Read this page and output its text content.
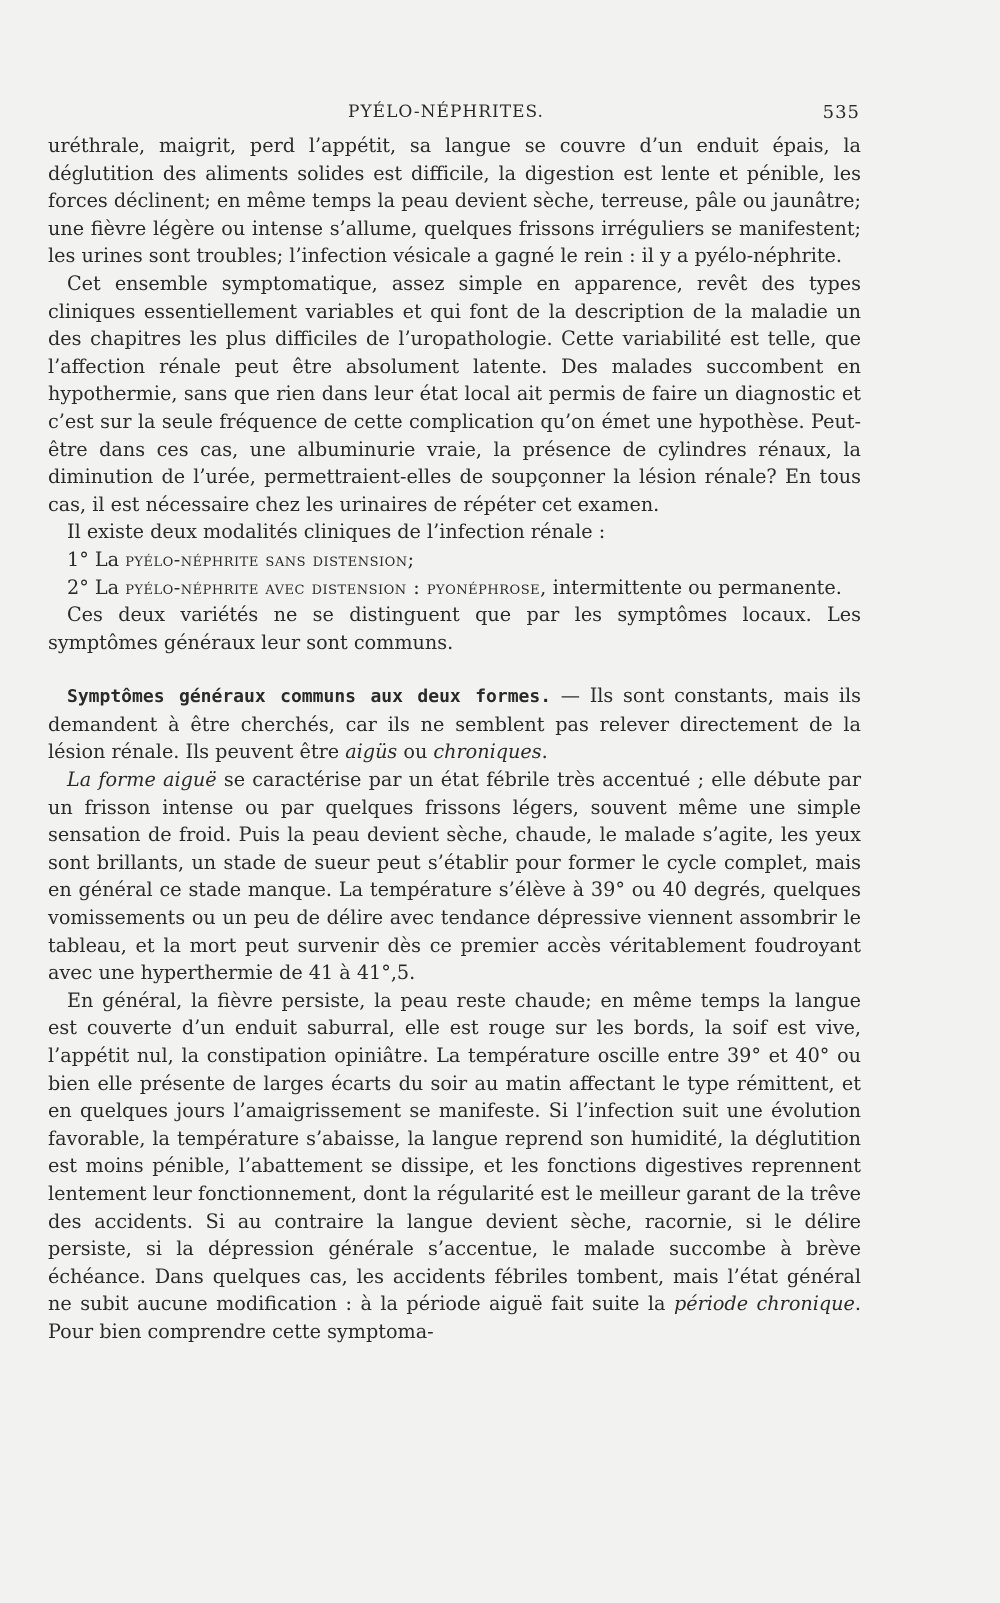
PYÉLO-NÉPHRITES.	535

uréthrale, maigrit, perd l’appétit, sa langue se couvre d’un enduit épais, la déglutition des aliments solides est difficile, la digestion est lente et pénible, les forces déclinent; en même temps la peau devient sèche, terreuse, pâle ou jaunâtre; une fièvre légère ou intense s’allume, quelques frissons irréguliers se manifestent; les urines sont troubles; l’infection vésicale a gagné le rein : il y a pyélo-néphrite.

Cet ensemble symptomatique, assez simple en apparence, revêt des types cliniques essentiellement variables et qui font de la description de la maladie un des chapitres les plus difficiles de l’uropathologie. Cette variabilité est telle, que l’affection rénale peut être absolument latente. Des malades succombent en hypothermie, sans que rien dans leur état local ait permis de faire un diagnostic et c’est sur la seule fréquence de cette complication qu’on émet une hypothèse. Peut-être dans ces cas, une albuminurie vraie, la présence de cylindres rénaux, la diminution de l’urée, permettraient-elles de soupçonner la lésion rénale? En tous cas, il est nécessaire chez les urinaires de répéter cet examen.

Il existe deux modalités cliniques de l’infection rénale :

1° La pyélo-néphrite sans distension;

2° La pyélo-néphrite avec distension : pyonéphrose, intermittente ou permanente.

Ces deux variétés ne se distinguent que par les symptômes locaux. Les symptômes généraux leur sont communs.

Symptômes généraux communs aux deux formes. — Ils sont constants, mais ils demandent à être cherchés, car ils ne semblent pas relever directement de la lésion rénale. Ils peuvent être aigüs ou chroniques.

La forme aiguë se caractérise par un état fébrile très accentué ; elle débute par un frisson intense ou par quelques frissons légers, souvent même une simple sensation de froid. Puis la peau devient sèche, chaude, le malade s’agite, les yeux sont brillants, un stade de sueur peut s’établir pour former le cycle complet, mais en général ce stade manque. La température s’élève à 39° ou 40 degrés, quelques vomissements ou un peu de délire avec tendance dépressive viennent assombrir le tableau, et la mort peut survenir dès ce premier accès véritablement foudroyant avec une hyperthermie de 41 à 41°,5.

En général, la fièvre persiste, la peau reste chaude; en même temps la langue est couverte d’un enduit saburral, elle est rouge sur les bords, la soif est vive, l’appétit nul, la constipation opiniâtre. La température oscille entre 39° et 40° ou bien elle présente de larges écarts du soir au matin affectant le type rémittent, et en quelques jours l’amaigrissement se manifeste. Si l’infection suit une évolution favorable, la température s’abaisse, la langue reprend son humidité, la déglutition est moins pénible, l’abattement se dissipe, et les fonctions digestives reprennent lentement leur fonctionnement, dont la régularité est le meilleur garant de la trêve des accidents. Si au contraire la langue devient sèche, racornie, si le délire persiste, si la dépression générale s’accentue, le malade succombe à brève échéance. Dans quelques cas, les accidents fébriles tombent, mais l’état général ne subit aucune modification : à la période aiguë fait suite la période chronique. Pour bien comprendre cette symptoma-
